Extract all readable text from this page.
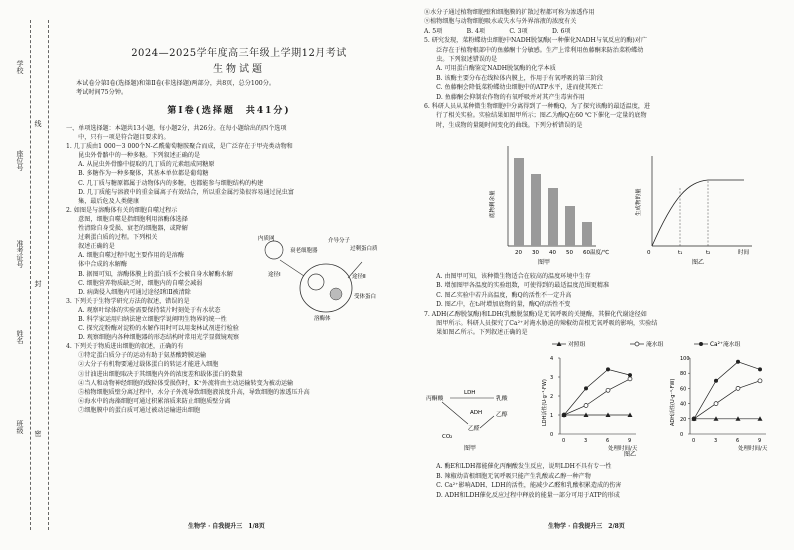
学校
座位号
准考证号
姓名
班级
线
封
密
2024—2025学年度高三年级上学期12月考试
生物试题

本试卷分第Ⅰ卷(选择题)和第Ⅱ卷(非选择题)两部分，共8页，总分100分。

考试时间75分钟。

第Ⅰ卷(选择题　共41分)

一、单项选择题：本题共13小题，每小题2分，共26分。在每小题给出的四个选项

　　中，只有一项是符合题目要求的。

1. 几丁质由1 000～3 000个N-乙酰葡萄糖胺聚合而成，是广泛存在于甲壳类动物和

　　昆虫外骨骼中的一种多糖。下列叙述正确的是

　　A. 从昆虫外骨骼中提取的几丁质的元素组成同糖原

　　B. 多糖作为一种多聚体，其基本单位都是葡萄糖

　　C. 几丁质与糖原都属于动物体内的多糖，也都能参与细胞结构的构建

　　D. 几丁质能与溶液中的重金属离子有效结合，所以重金属污染很容易通过昆虫富

　　集，最后危及人类健康

2. 如图是与溶酶体有关的细胞自噬过程示

　　意图，细胞自噬是指细胞利用溶酶体选择

　　性清除自身受损、衰老的细胞器，或降解

　　过剩蛋白质的过程。下列相关

　　叙述正确的是

　　A. 细胞自噬过程中起主要作用的是溶酶

　　体中合成的水解酶

　　B. 据图可知，溶酶体膜上的蛋白质不会被自身水解酶水解

　　C. 细胞营养物质缺乏时，细胞内的自噬会减弱

　　D. 病菌侵入细胞内可通过途径Ⅰ和Ⅱ被清除

3. 下列关于生物学研究方法的叙述，错误的是

　　A. 观察叶绿体的实验需要保持装片时刻处于有水状态

　　B. 科学家运用归纳法建立细胞学说阐明生物界的统一性

　　C. 探究淀粉酶对淀粉的水解作用时可以用斐林试剂进行检验

　　D. 观察细胞内各种细胞器的形态结构时常用光学显微镜观察

4. 下列关于物质进出细胞的叙述，正确的有

　　①特定蛋白质分子的运动有助于氨基酸跨膜运输

　　②大分子有机物要通过载体蛋白的转运才能进入细胞

　　③甘油进出细胞取决于其细胞内外的浓度差和载体蛋白的数量

　　④当人和动物神经细胞的线粒体受损伤时，K⁺外流将由主动运输转变为被动运输

　　⑤植物细胞质壁分离过程中，水分子外流导致细胞液浓度升高，导致细胞的渗透压升高

　　⑥海水中的海藻细胞可通过积累溶质来防止细胞质壁分离

　　⑦细胞膜中的蛋白质可通过被动运输进出细胞

内质网
衰老细胞器
介导分子
过剩蛋白质
途径Ⅰ	途径Ⅱ
受体蛋白
溶酶体
生物学 · 自我提升三　1/8页

⑧水分子通过植物细胞壁和细胞膜的扩散过程都可称为渗透作用

⑨植物细胞与动物细胞吸水或失水与外界溶液的浓度有关

A. 5项　　　　B. 4项　　　　C. 3项　　　　D. 6项

5. 研究发现，菜粉蝶幼虫细胞中NADH脱氢酶(一种催化NADH与氧反应的酶)对广

　　泛存在于植物根部中的鱼藤酮十分敏感。生产上常利用鱼藤酮来防治菜粉蝶幼

　　虫。下列叙述错误的是

　　A. 可用蛋白酶鉴定NADH脱氢酶的化学本质

　　B. 该酶主要分布在线粒体内膜上，作用于有氧呼吸的第三阶段

　　C. 鱼藤酮会降低菜粉蝶幼虫细胞中的ATP水平，进而使其死亡

　　D. 鱼藤酮会抑制农作物的有氧呼吸并对其产生毒害作用

6. 科研人员从某种微生物细胞中分离得到了一种酶Q，为了探究该酶的最适温度，进

　　行了相关实验。实验结果如图甲所示；图乙为酶Q在60 ℃下催化一定量的底物

　　时，生成物的量随时间变化的曲线。下列分析错误的是

底物剩余量
20 30 40 50 60 温度/℃
图甲
生成物的量
0	t₁	t₂	时间
图乙

　　A. 由图甲可知，该种微生物适合在较高的温度环境中生存

　　B. 增加图甲各温度的实验组数，可使得到的最适温度范围更精准

　　C. 图乙实验中若升高温度，酶Q的活性不一定升高

　　D. 图乙中，在t₂时增加底物的量，酶Q的活性不变

7. ADH(乙醇脱氢酶)和LDH(乳酸脱氢酶)是无氧呼吸的关键酶，其催化代谢途径如

　　图甲所示。科研人员探究了Ca²⁺对淹水胁迫的辣椒幼苗根无氧呼吸的影响，实验结

　　果如图乙所示。下列叙述正确的是

对照组	淹水组	Ca²⁺淹水组
丙酮酸
LDH
乳酸
ADH
乙醛
乙醇
CO₂
图甲
LDH活性(U·g⁻¹·FW)
0
1
2
3
4
0	3	6	9
处理时间/天
ADH活性(U·g⁻¹·FW)
0
20
40
60
80
100
0	3	6	9
处理时间/天
图乙

　　A. 酶E和LDH都能催化丙酮酸发生反应，说明LDH不具有专一性

　　B. 辣椒幼苗根细胞无氧呼吸只能产生乳酸或乙醇一种产物

　　C. Ca²⁺影响ADH、LDH的活性，能减少乙醛和乳酸积累造成的伤害

　　D. ADH和LDH催化反应过程中释放的能量一部分可用于ATP的形成

生物学 · 自我提升三　2/8页
